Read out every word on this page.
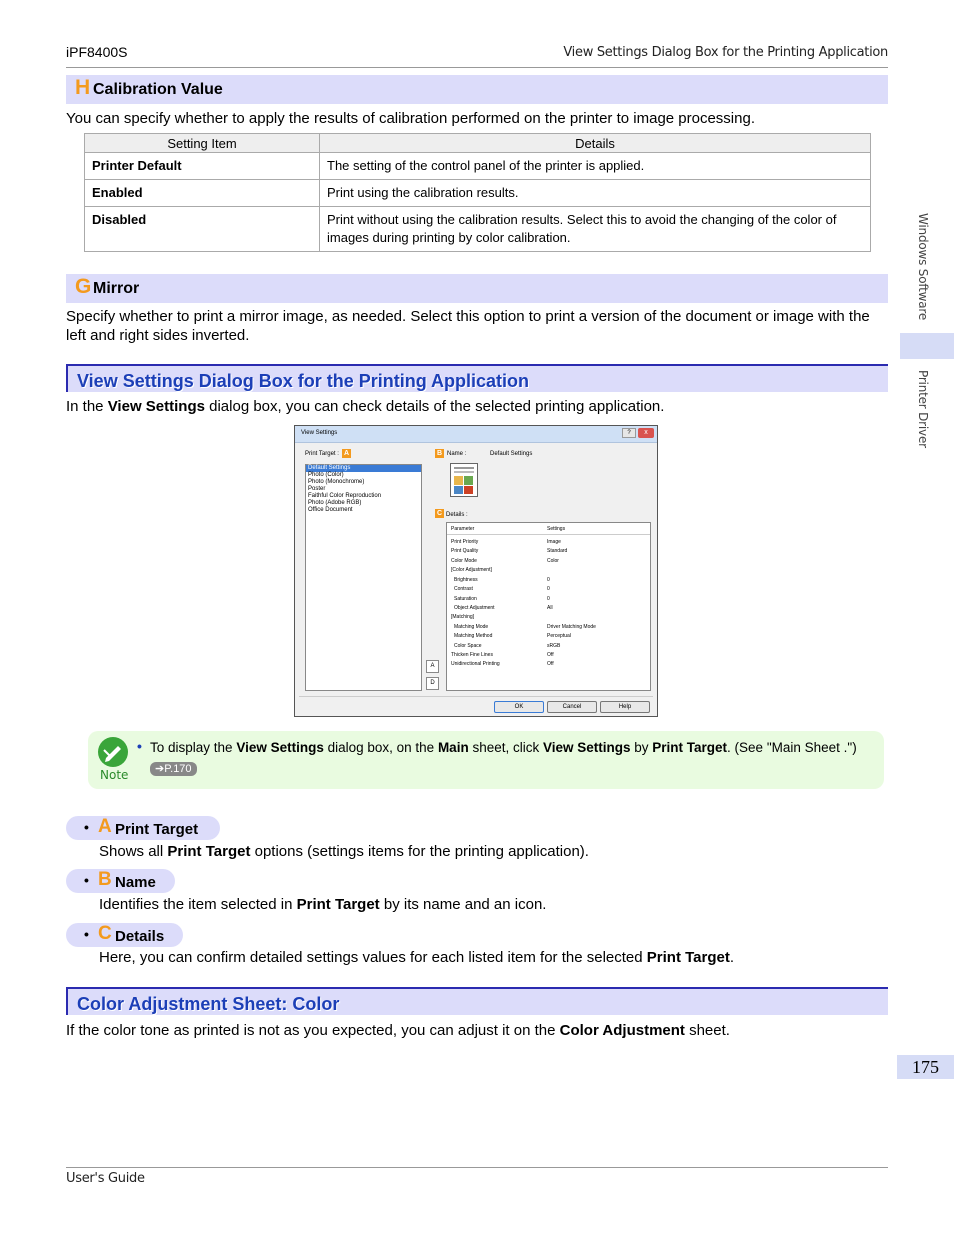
iPF8400S	View Settings Dialog Box for the Printing Application
Windows Software
Printer Driver
H Calibration Value
You can specify whether to apply the results of calibration performed on the printer to image processing.
Setting Item	Details
Printer Default	The setting of the control panel of the printer is applied.
Enabled	Print using the calibration results.
Disabled	Print without using the calibration results. Select this to avoid the changing of the color of images during printing by color calibration.
G Mirror
Specify whether to print a mirror image, as needed. Select this option to print a version of the document or image with the left and right sides inverted.
View Settings Dialog Box for the Printing Application
In the View Settings dialog box, you can check details of the selected printing application.
View Settings	?	x
Print Target : A
Default Settings
Photo (Color)
Photo (Monochrome)
Poster
Faithful Color Reproduction
Photo (Adobe RGB)
Office Document
B Name :	Default Settings
C Details :
Parameter	Settings
Print Priority	Image
Print Quality	Standard
Color Mode	Color
[Color Adjustment]
Brightness	0
Contrast	0
Saturation	0
Object Adjustment	All
[Matching]
Matching Mode	Driver Matching Mode
Matching Method	Perceptual
Color Space	sRGB
Thicken Fine Lines	Off
Unidirectional Printing	Off
A
D
OK	Cancel	Help
Note
• To display the View Settings dialog box, on the Main sheet, click View Settings by Print Target. (See "Main Sheet .") ➔P.170
• A Print Target
Shows all Print Target options (settings items for the printing application).
• B Name
Identifies the item selected in Print Target by its name and an icon.
• C Details
Here, you can confirm detailed settings values for each listed item for the selected Print Target.
Color Adjustment Sheet: Color
If the color tone as printed is not as you expected, you can adjust it on the Color Adjustment sheet.
175
User's Guide
